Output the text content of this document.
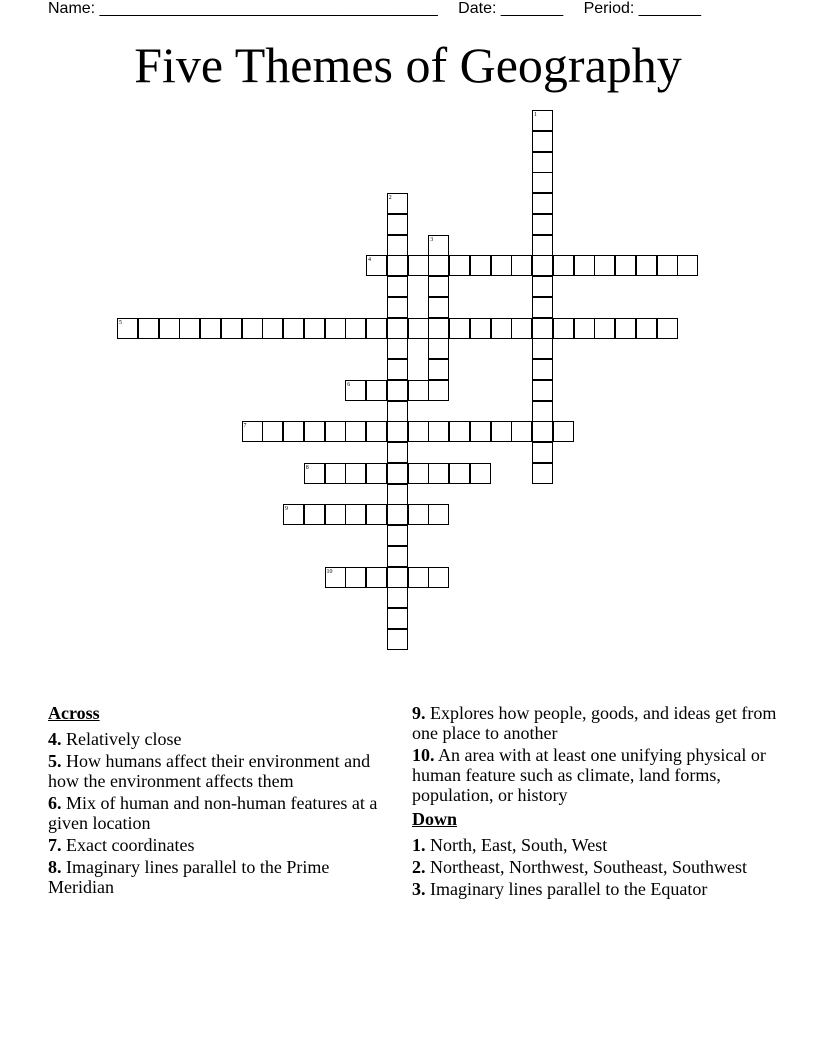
Name: ______________________________________ Date: _______ Period: _______
Five Themes of Geography
1
2
3
4
5
6
7
8
9
10
Across
4. Relatively close
5. How humans affect their environment and how the environment affects them
6. Mix of human and non-human features at a given location
7. Exact coordinates
8. Imaginary lines parallel to the Prime Meridian
9. Explores how people, goods, and ideas get from one place to another
10. An area with at least one unifying physical or human feature such as climate, land forms, population, or history
Down
1. North, East, South, West
2. Northeast, Northwest, Southeast, Southwest
3. Imaginary lines parallel to the Equator
